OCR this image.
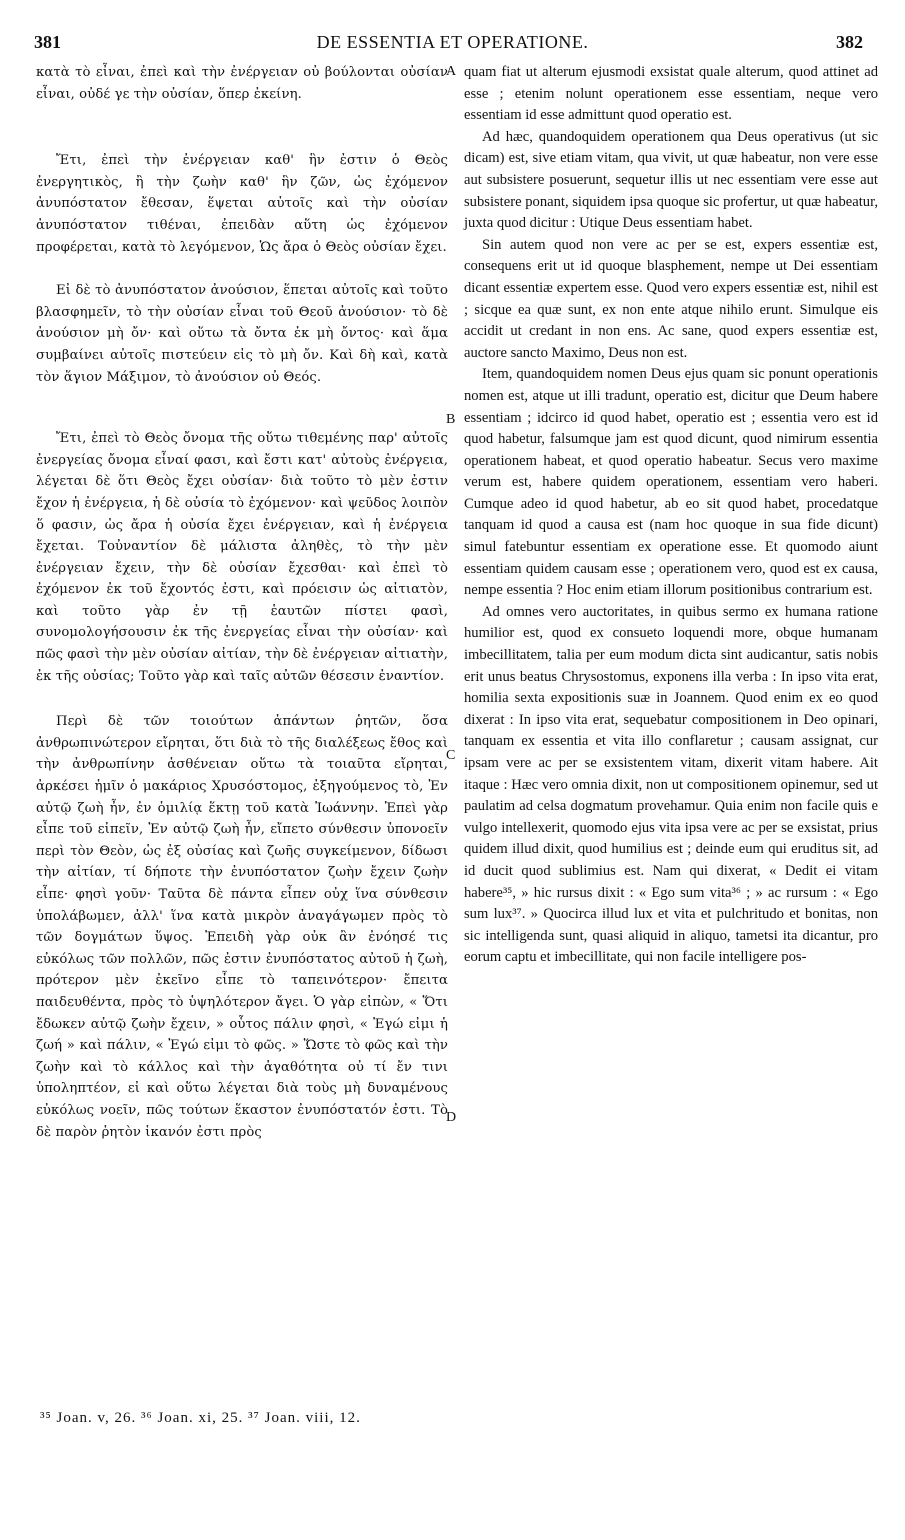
381	DE ESSENTIA ET OPERATIONE.	382

κατὰ τὸ εἶναι, ἐπεὶ καὶ τὴν ἐνέργειαν οὐ βούλονται οὐσίαν εἶναι, οὐδέ γε τὴν οὐσίαν, ὅπερ ἐκείνη.

Ἔτι, ἐπεὶ τὴν ἐνέργειαν καθ' ἣν ἐστιν ὁ Θεὸς ἐνεργητικὸς, ἢ τὴν ζωὴν καθ' ἣν ζῶν, ὡς ἐχόμενον ἀνυπόστατον ἔθεσαν, ἕψεται αὐτοῖς καὶ τὴν οὐσίαν ἀνυπόστατον τιθέναι, ἐπειδὰν αὕτη ὡς ἐχόμενον προφέρεται, κατὰ τὸ λεγόμενον, Ὡς ἄρα ὁ Θεὸς οὐσίαν ἔχει.

Εἰ δὲ τὸ ἀνυπόστατον ἀνούσιον, ἕπεται αὐτοῖς καὶ τοῦτο βλασφημεῖν, τὸ τὴν οὐσίαν εἶναι τοῦ Θεοῦ ἀνούσιον· τὸ δὲ ἀνούσιον μὴ ὄν· καὶ οὕτω τὰ ὄντα ἐκ μὴ ὄντος· καὶ ἅμα συμβαίνει αὐτοῖς πιστεύειν εἰς τὸ μὴ ὄν. Καὶ δὴ καὶ, κατὰ τὸν ἅγιον Μάξιμον, τὸ ἀνούσιον οὐ Θεός.

Ἔτι, ἐπεὶ τὸ Θεὸς ὄνομα τῆς οὕτω τιθεμένης παρ' αὐτοῖς ἐνεργείας ὄνομα εἶναί φασι, καὶ ἔστι κατ' αὐτοὺς ἐνέργεια, λέγεται δὲ ὅτι Θεὸς ἔχει οὐσίαν· διὰ τοῦτο τὸ μὲν ἐστιν ἔχον ἡ ἐνέργεια, ἡ δὲ οὐσία τὸ ἐχόμενον· καὶ ψεῦδος λοιπὸν ὅ φασιν, ὡς ἄρα ἡ οὐσία ἔχει ἐνέργειαν, καὶ ἡ ἐνέργεια ἔχεται. Τοὐναντίον δὲ μάλιστα ἀληθὲς, τὸ τὴν μὲν ἐνέργειαν ἔχειν, τὴν δὲ οὐσίαν ἔχεσθαι· καὶ ἐπεὶ τὸ ἐχόμενον ἐκ τοῦ ἔχοντός ἐστι, καὶ πρόεισιν ὡς αἰτιατὸν, καὶ τοῦτο γὰρ ἐν τῇ ἑαυτῶν πίστει φασὶ, συνομολογήσουσιν ἐκ τῆς ἐνεργείας εἶναι τὴν οὐσίαν· καὶ πῶς φασὶ τὴν μὲν οὐσίαν αἰτίαν, τὴν δὲ ἐνέργειαν αἰτιατὴν, ἐκ τῆς οὐσίας; Τοῦτο γὰρ καὶ ταῖς αὐτῶν θέσεσιν ἐναντίον.

Περὶ δὲ τῶν τοιούτων ἁπάντων ῥητῶν, ὅσα ἀνθρωπινώτερον εἴρηται, ὅτι διὰ τὸ τῆς διαλέξεως ἔθος καὶ τὴν ἀνθρωπίνην ἀσθένειαν οὕτω τὰ τοιαῦτα εἴρηται, ἀρκέσει ἡμῖν ὁ μακάριος Χρυσόστομος, ἐξηγούμενος τὸ, Ἐν αὐτῷ ζωὴ ἦν, ἐν ὁμιλίᾳ ἕκτῃ τοῦ κατὰ Ἰωάννην. Ἐπεὶ γὰρ εἶπε τοῦ εἰπεῖν, Ἐν αὐτῷ ζωὴ ἦν, εἴπετο σύνθεσιν ὑπονοεῖν περὶ τὸν Θεὸν, ὡς ἐξ οὐσίας καὶ ζωῆς συγκείμενον, δίδωσι τὴν αἰτίαν, τί δήποτε τὴν ἐνυπόστατον ζωὴν ἔχειν ζωὴν εἶπε· φησὶ γοῦν· Ταῦτα δὲ πάντα εἶπεν οὐχ ἵνα σύνθεσιν ὑπολάβωμεν, ἀλλ' ἵνα κατὰ μικρὸν ἀναγάγωμεν πρὸς τὸ τῶν δογμάτων ὕψος. Ἐπειδὴ γὰρ οὐκ ἂν ἐνόησέ τις εὐκόλως τῶν πολλῶν, πῶς ἐστιν ἐνυπόστατος αὐτοῦ ἡ ζωὴ, πρότερον μὲν ἐκεῖνο εἶπε τὸ ταπεινότερον· ἔπειτα παιδευθέντα, πρὸς τὸ ὑψηλότερον ἄγει. Ὁ γὰρ εἰπὼν, « Ὅτι ἔδωκεν αὐτῷ ζωὴν ἔχειν, » οὗτος πάλιν φησὶ, « Ἐγώ εἰμι ἡ ζωή » καὶ πάλιν, « Ἐγώ εἰμι τὸ φῶς. » Ὥστε τὸ φῶς καὶ τὴν ζωὴν καὶ τὸ κάλλος καὶ τὴν ἀγαθότητα οὐ τί ἔν τινι ὑποληπτέον, εἰ καὶ οὕτω λέγεται διὰ τοὺς μὴ δυναμένους εὐκόλως νοεῖν, πῶς τούτων ἕκαστον ἐνυπόστατόν ἐστι. Τὸ δὲ παρὸν ῥητὸν ἱκανόν ἐστι πρὸς

A
B
C
D

quam fiat ut alterum ejusmodi exsistat quale alterum, quod attinet ad esse ; etenim nolunt operationem esse essentiam, neque vero essentiam id esse admittunt quod operatio est.

Ad hæc, quandoquidem operationem qua Deus operativus (ut sic dicam) est, sive etiam vitam, qua vivit, ut quæ habeatur, non vere esse aut subsistere posuerunt, sequetur illis ut nec essentiam vere esse aut subsistere ponant, siquidem ipsa quoque sic profertur, ut quæ habeatur, juxta quod dicitur : Utique Deus essentiam habet.

Sin autem quod non vere ac per se est, expers essentiæ est, consequens erit ut id quoque blasphement, nempe ut Dei essentiam dicant essentiæ expertem esse. Quod vero expers essentiæ est, nihil est ; sicque ea quæ sunt, ex non ente atque nihilo erunt. Simulque eis accidit ut credant in non ens. Ac sane, quod expers essentiæ est, auctore sancto Maximo, Deus non est.

Item, quandoquidem nomen Deus ejus quam sic ponunt operationis nomen est, atque ut illi tradunt, operatio est, dicitur que Deum habere essentiam ; idcirco id quod habet, operatio est ; essentia vero est id quod habetur, falsumque jam est quod dicunt, quod nimirum essentia operationem habeat, et quod operatio habeatur. Secus vero maxime verum est, habere quidem operationem, essentiam vero haberi. Cumque adeo id quod habetur, ab eo sit quod habet, procedatque tanquam id quod a causa est (nam hoc quoque in sua fide dicunt) simul fatebuntur essentiam ex operatione esse. Et quomodo aiunt essentiam quidem causam esse ; operationem vero, quod est ex causa, nempe essentia ? Hoc enim etiam illorum positionibus contrarium est.

Ad omnes vero auctoritates, in quibus sermo ex humana ratione humilior est, quod ex consueto loquendi more, obque humanam imbecillitatem, talia per eum modum dicta sint audicantur, satis nobis erit unus beatus Chrysostomus, exponens illa verba : In ipso vita erat, homilia sexta expositionis suæ in Joannem. Quod enim ex eo quod dixerat : In ipso vita erat, sequebatur compositionem in Deo opinari, tanquam ex essentia et vita illo conflaretur ; causam assignat, cur ipsam vere ac per se exsistentem vitam, dixerit vitam habere. Ait itaque : Hæc vero omnia dixit, non ut compositionem opinemur, sed ut paulatim ad celsa dogmatum provehamur. Quia enim non facile quis e vulgo intellexerit, quomodo ejus vita ipsa vere ac per se exsistat, prius quidem illud dixit, quod humilius est ; deinde eum qui eruditus sit, ad id ducit quod sublimius est. Nam qui dixerat, « Dedit ei vitam habere³⁵, » hic rursus dixit : « Ego sum vita³⁶ ; » ac rursum : « Ego sum lux³⁷. » Quocirca illud lux et vita et pulchritudo et bonitas, non sic intelligenda sunt, quasi aliquid in aliquo, tametsi ita dicantur, pro eorum captu et imbecillitate, qui non facile intelligere pos-

³⁵ Joan. v, 26. ³⁶ Joan. xi, 25. ³⁷ Joan. viii, 12.
